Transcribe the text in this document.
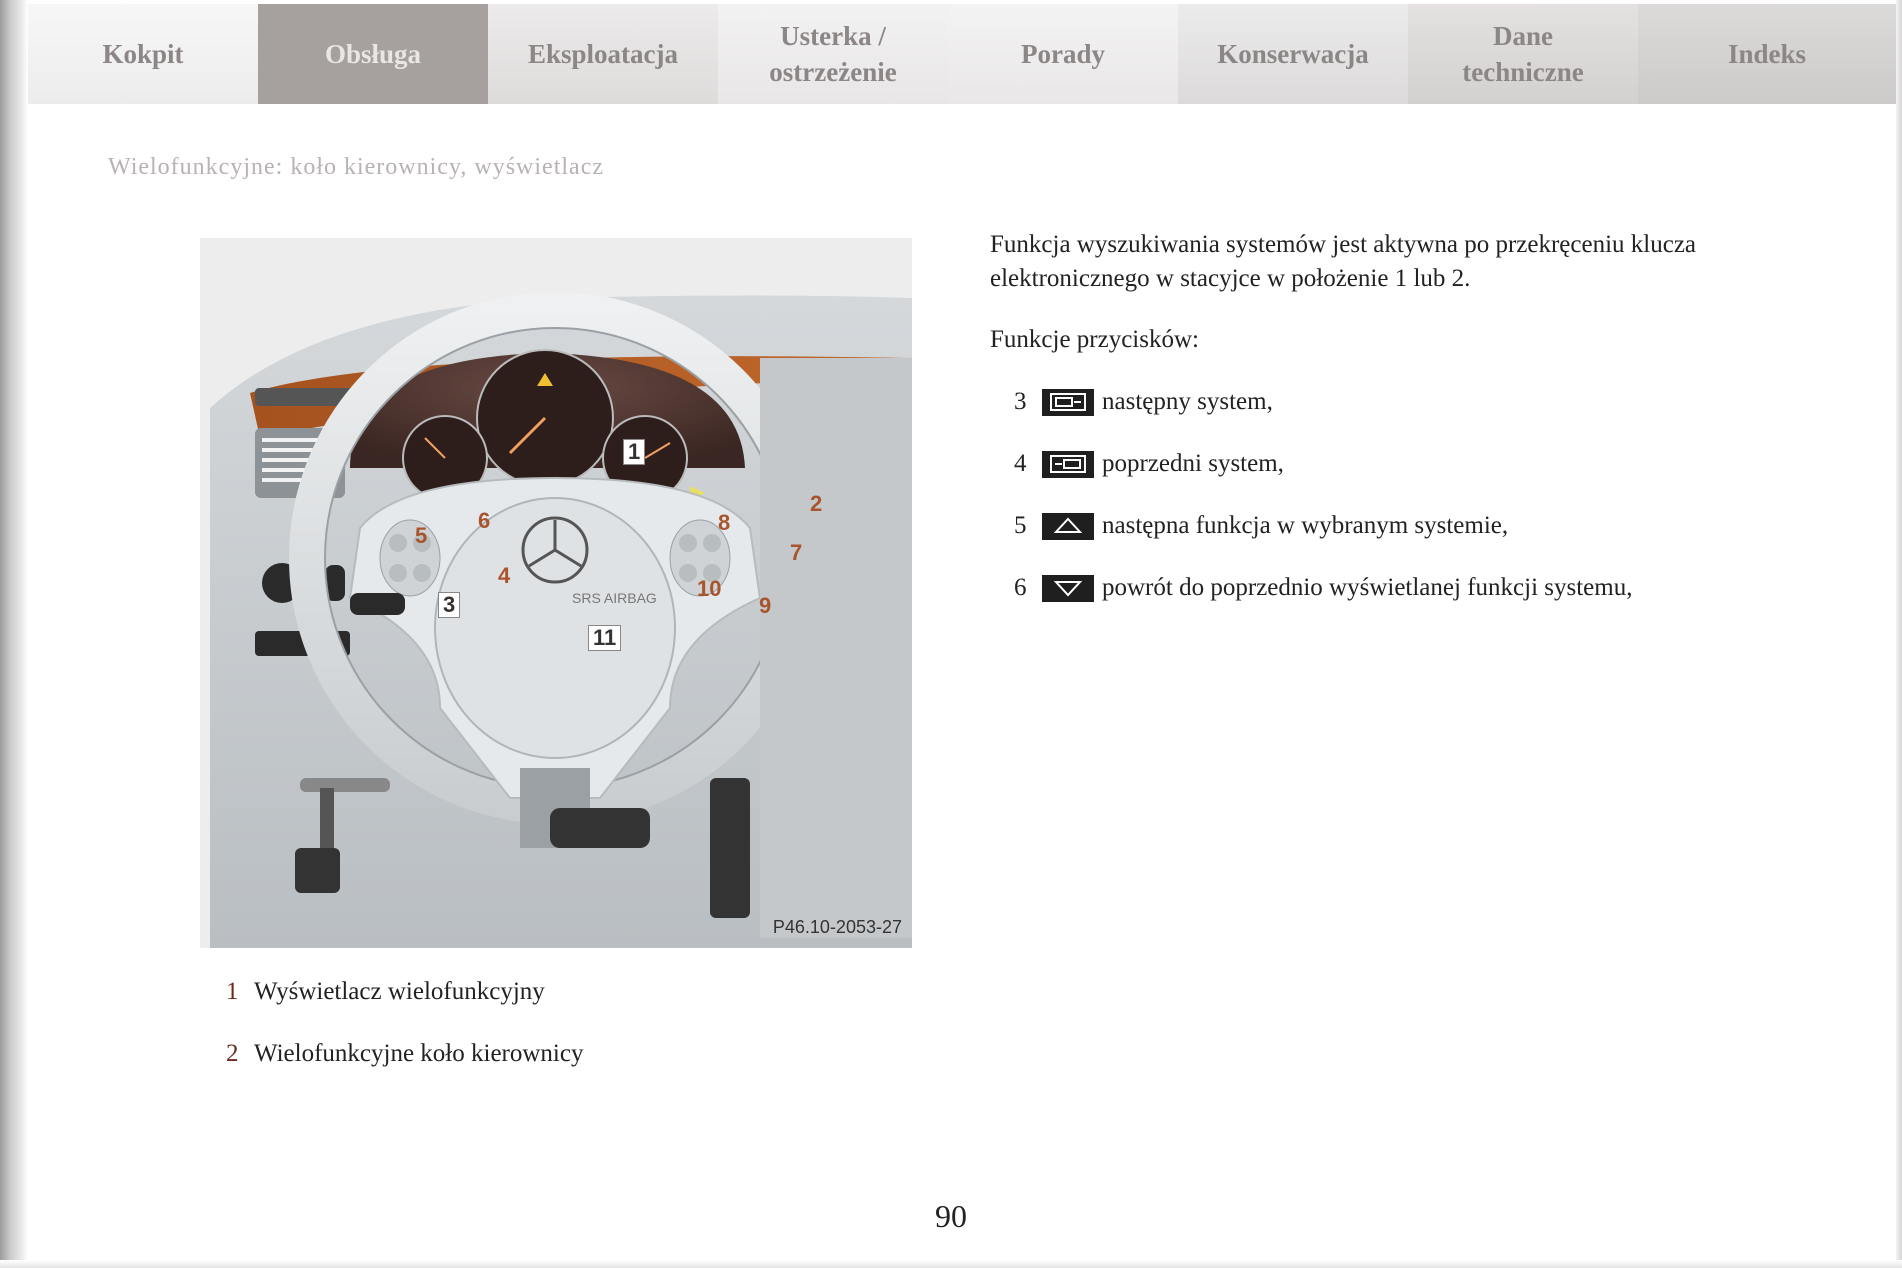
Kokpit	Obsługa	Eksploatacja
Usterka /
ostrzeżenie
Porady	Konserwacja
Dane
techniczne
Indeks
Wielofunkcyjne: koło kierownicy, wyświetlacz
1
2
3
4
5
6
7
8
9
10
11
SRS AIRBAG
P46.10-2053-27
1 Wyświetlacz wielofunkcyjny
2 Wielofunkcyjne koło kierownicy
Funkcja wyszukiwania systemów jest aktywna po przekręceniu klucza elektronicznego w stacyjce w położenie 1 lub 2.
Funkcje przycisków:
3	następny system,
4	poprzedni system,
5	następna funkcja w wybranym systemie,
6	powrót do poprzednio wyświetlanej funkcji systemu,
90
